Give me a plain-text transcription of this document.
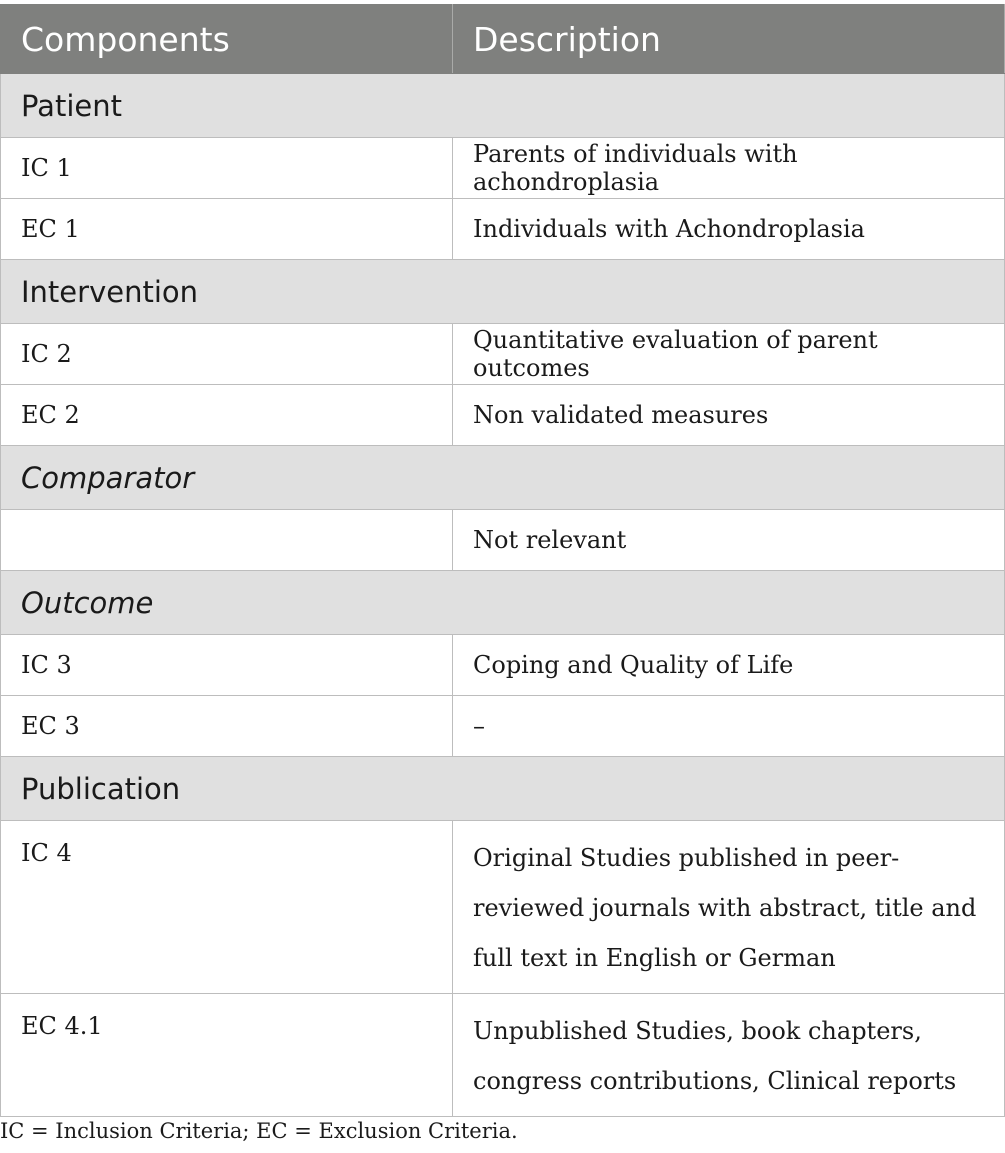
Components	Description
Patient	
IC 1	Parents of individuals with achondroplasia
EC 1	Individuals with Achondroplasia
Intervention	
IC 2	Quantitative evaluation of parent outcomes
EC 2	Non validated measures
Comparator	
	Not relevant
Outcome	
IC 3	Coping and Quality of Life
EC 3	–
Publication	
IC 4	Original Studies published in peer-reviewed journals with abstract, title and full text in English or German
EC 4.1	Unpublished Studies, book chapters, congress contributions, Clinical reports
IC = Inclusion Criteria; EC = Exclusion Criteria.
